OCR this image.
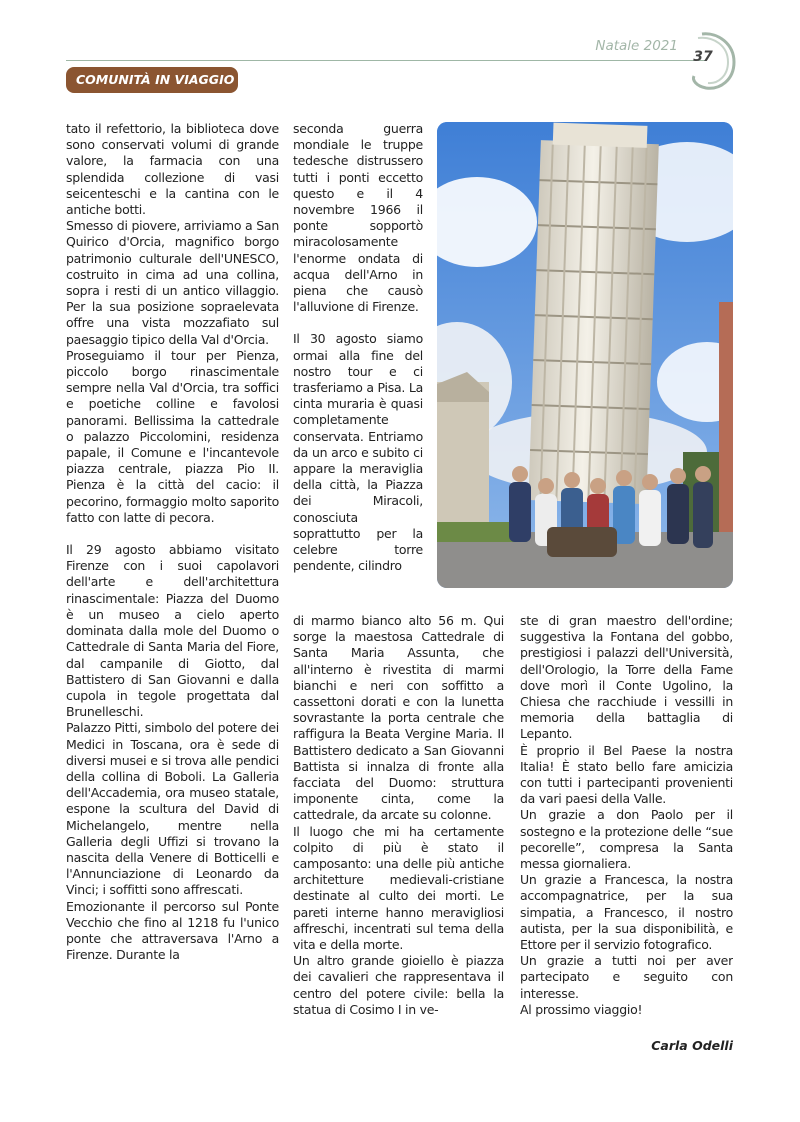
Natale 2021
37
COMUNITÀ IN VIAGGIO

tato il refettorio, la biblioteca dove sono conservati volumi di grande valore, la farmacia con una splendida collezione di vasi seicenteschi e la cantina con le antiche botti.

Smesso di piovere, arriviamo a San Quirico d'Orcia, magnifico borgo patrimonio culturale dell'UNESCO, costruito in cima ad una collina, sopra i resti di un antico villaggio. Per la sua posizione sopraelevata offre una vista mozzafiato sul paesaggio tipico della Val d'Orcia.

Proseguiamo il tour per Pienza, piccolo borgo rinascimentale sempre nella Val d'Orcia, tra soffici e poetiche colline e favolosi panorami. Bellissima la cattedrale o palazzo Piccolomini, residenza papale, il Comune e l'incantevole piazza centrale, piazza Pio II. Pienza è la città del cacio: il pecorino, formaggio molto saporito fatto con latte di pecora.

Il 29 agosto abbiamo visitato Firenze con i suoi capolavori dell'arte e dell'architettura rinascimentale: Piazza del Duomo è un museo a cielo aperto dominata dalla mole del Duomo o Cattedrale di Santa Maria del Fiore, dal campanile di Giotto, dal Battistero di San Giovanni e dalla cupola in tegole progettata dal Brunelleschi.

Palazzo Pitti, simbolo del potere dei Medici in Toscana, ora è sede di diversi musei e si trova alle pendici della collina di Boboli. La Galleria dell'Accademia, ora museo statale, espone la scultura del David di Michelangelo, mentre nella Galleria degli Uffizi si trovano la nascita della Venere di Botticelli e l'Annunciazione di Leonardo da Vinci; i soffitti sono affrescati.

Emozionante il percorso sul Ponte Vecchio che fino al 1218 fu l'unico ponte che attraversava l'Arno a Firenze. Durante la

seconda guerra mondiale le truppe tedesche distrussero tutti i ponti eccetto questo e il 4 novembre 1966 il ponte sopportò miracolosamente l'enorme ondata di acqua dell'Arno in piena che causò l'alluvione di Firenze.

Il 30 agosto siamo ormai alla fine del nostro tour e ci trasferiamo a Pisa. La cinta muraria è quasi completamente conservata. Entriamo da un arco e subito ci appare la meraviglia della città, la Piazza dei Miracoli, conosciuta soprattutto per la celebre torre pendente, cilindro

di marmo bianco alto 56 m. Qui sorge la maestosa Cattedrale di Santa Maria Assunta, che all'interno è rivestita di marmi bianchi e neri con soffitto a cassettoni dorati e con la lunetta sovrastante la porta centrale che raffigura la Beata Vergine Maria. Il Battistero dedicato a San Giovanni Battista si innalza di fronte alla facciata del Duomo: struttura imponente cinta, come la cattedrale, da arcate su colonne.

Il luogo che mi ha certamente colpito di più è stato il camposanto: una delle più antiche architetture medievali-cristiane destinate al culto dei morti. Le pareti interne hanno meravigliosi affreschi, incentrati sul tema della vita e della morte.

Un altro grande gioiello è piazza dei cavalieri che rappresentava il centro del potere civile: bella la statua di Cosimo I in ve-

ste di gran maestro dell'ordine; suggestiva la Fontana del gobbo, prestigiosi i palazzi dell'Università, dell'Orologio, la Torre della Fame dove morì il Conte Ugolino, la Chiesa che racchiude i vessilli in memoria della battaglia di Lepanto.

È proprio il Bel Paese la nostra Italia! È stato bello fare amicizia con tutti i partecipanti provenienti da vari paesi della Valle.

Un grazie a don Paolo per il sostegno e la protezione delle “sue pecorelle”, compresa la Santa messa giornaliera.

Un grazie a Francesca, la nostra accompagnatrice, per la sua simpatia, a Francesco, il nostro autista, per la sua disponibilità, e Ettore per il servizio fotografico.

Un grazie a tutti noi per aver partecipato e seguito con interesse.

Al prossimo viaggio!

Carla Odelli
